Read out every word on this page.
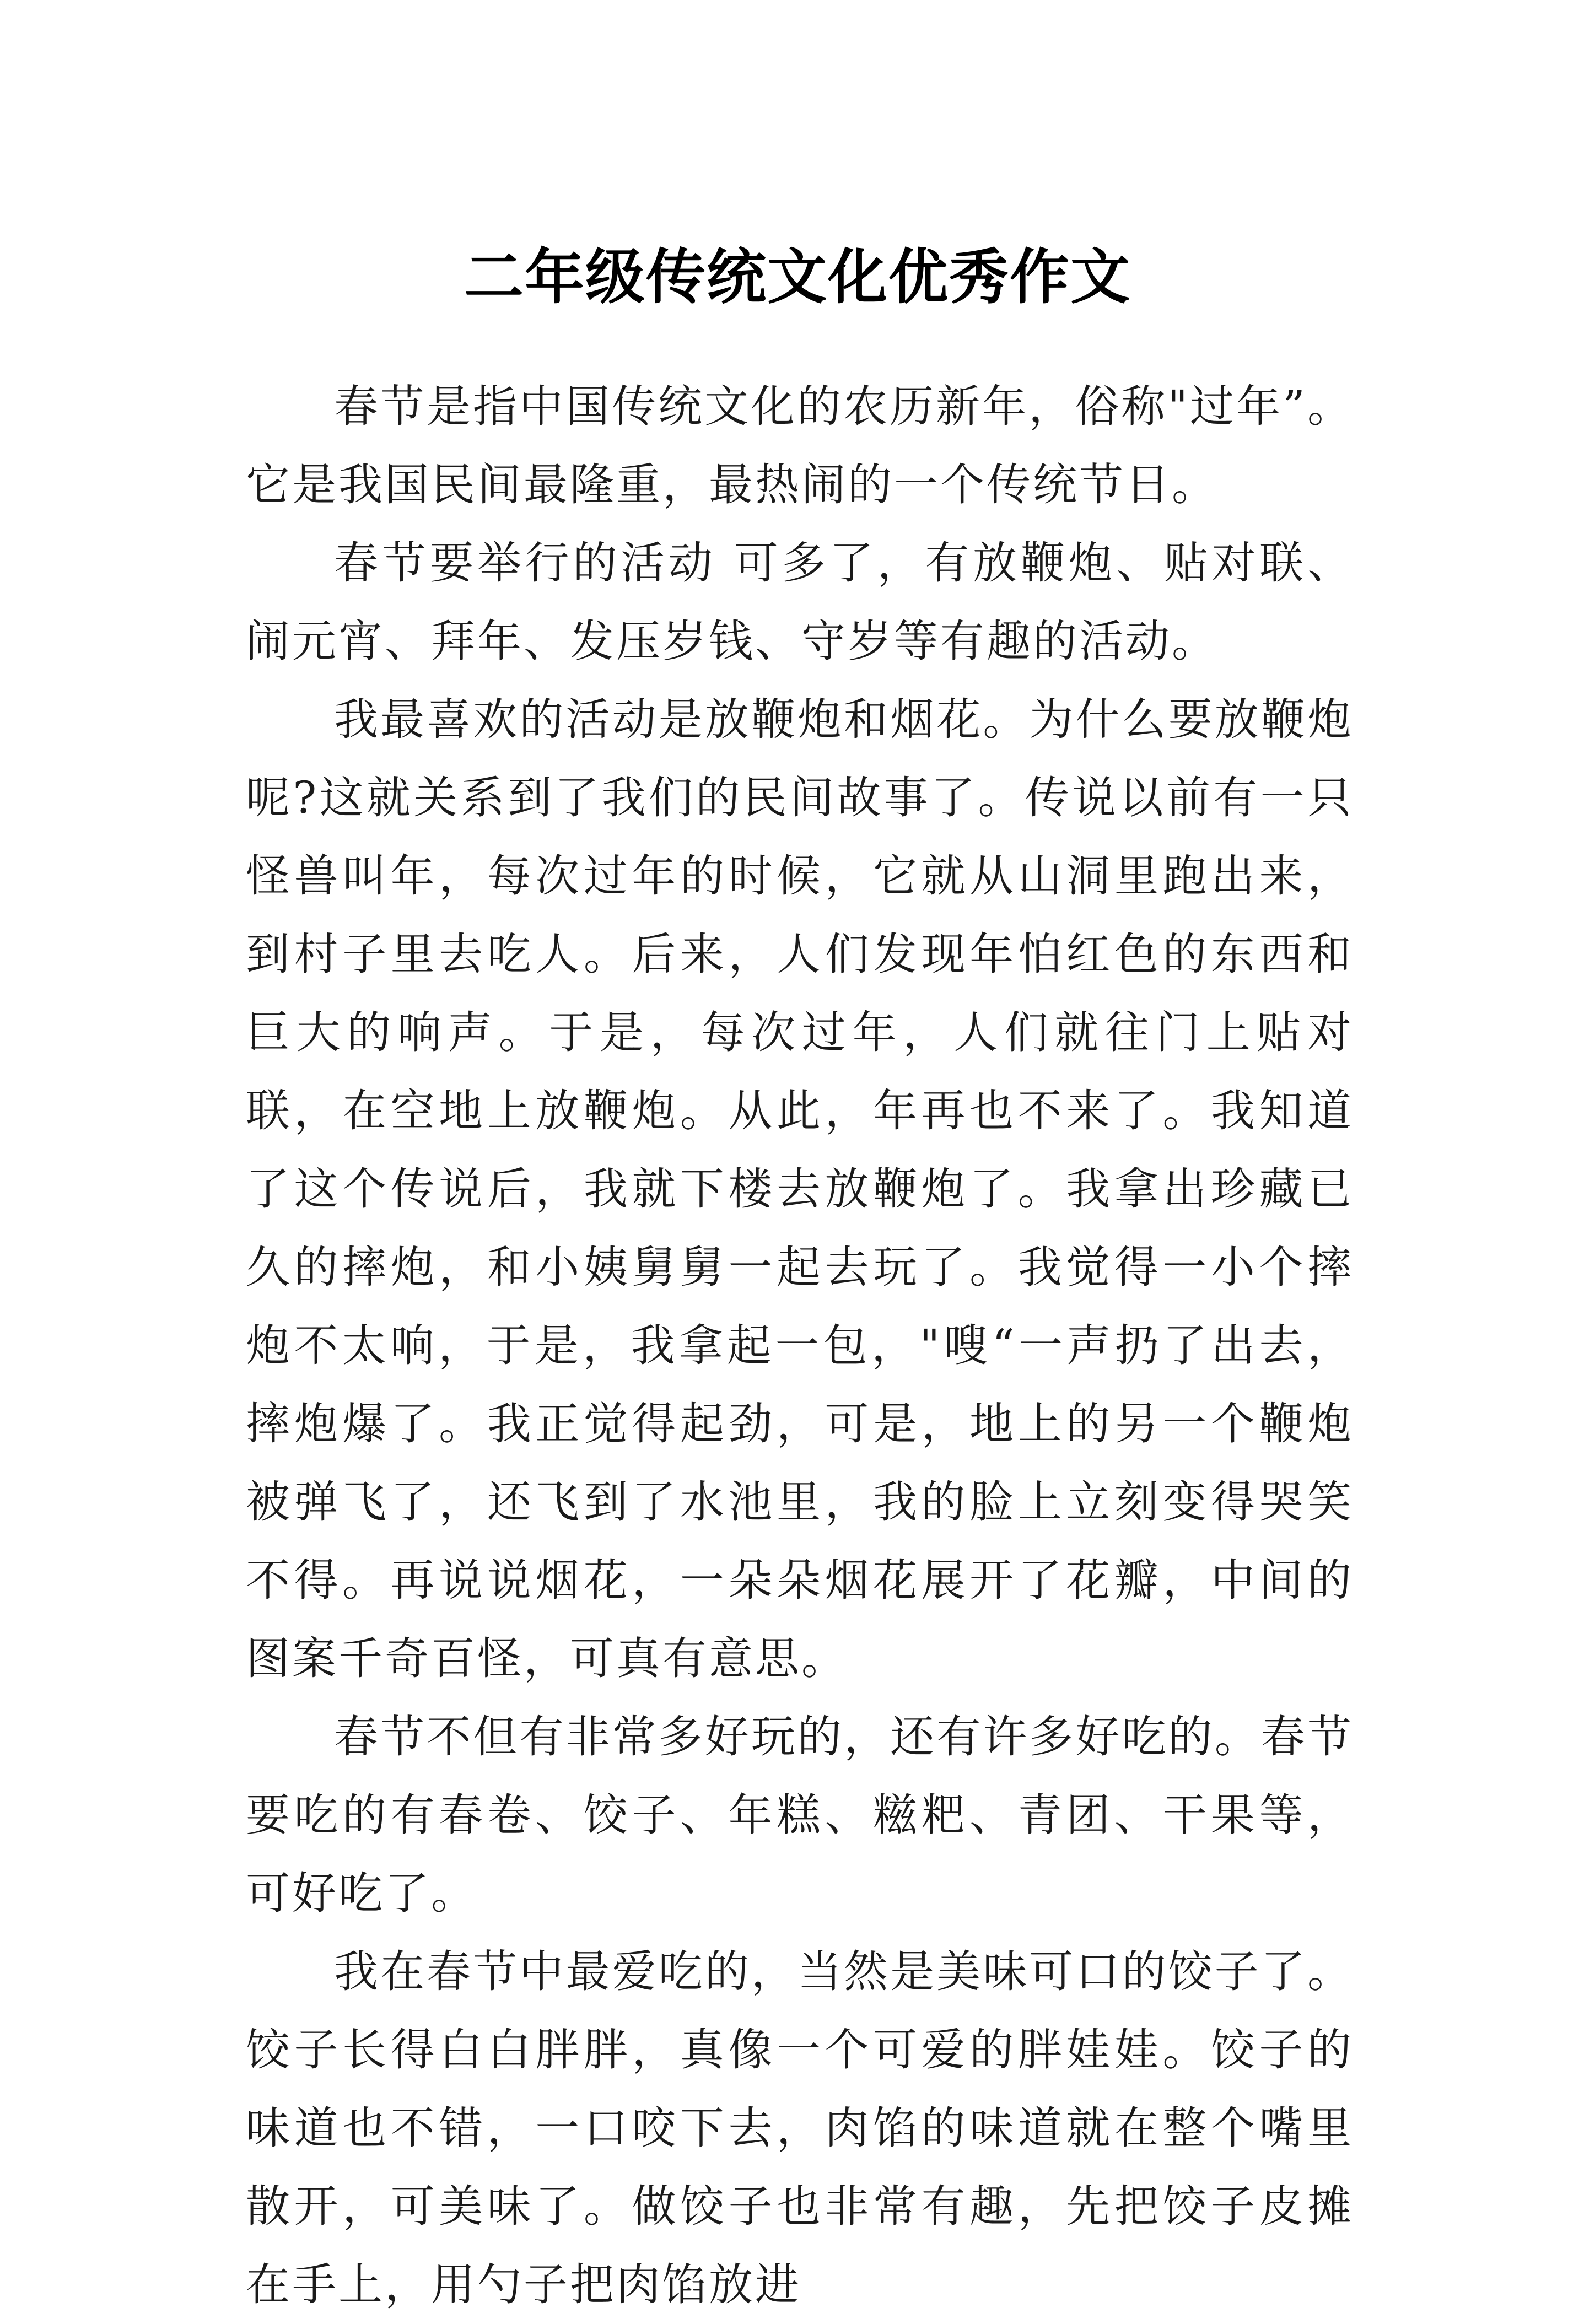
二年级传统文化优秀作文

春节是指中国传统文化的农历新年，俗称"过年”。它是我国民间最隆重，最热闹的一个传统节日。

春节要举行的活动 可多了，有放鞭炮、贴对联、闹元宵、拜年、发压岁钱、守岁等有趣的活动。

我最喜欢的活动是放鞭炮和烟花。为什么要放鞭炮呢?这就关系到了我们的民间故事了。传说以前有一只怪兽叫年，每次过年的时候，它就从山洞里跑出来，到村子里去吃人。后来，人们发现年怕红色的东西和巨大的响声。于是，每次过年，人们就往门上贴对联，在空地上放鞭炮。从此，年再也不来了。我知道了这个传说后，我就下楼去放鞭炮了。我拿出珍藏已久的摔炮，和小姨舅舅一起去玩了。我觉得一小个摔炮不太响，于是，我拿起一包，"嗖“一声扔了出去，摔炮爆了。我正觉得起劲，可是，地上的另一个鞭炮被弹飞了，还飞到了水池里，我的脸上立刻变得哭笑不得。再说说烟花，一朵朵烟花展开了花瓣，中间的图案千奇百怪，可真有意思。

春节不但有非常多好玩的，还有许多好吃的。春节要吃的有春卷、饺子、年糕、糍粑、青团、干果等，可好吃了。

我在春节中最爱吃的，当然是美味可口的饺子了。饺子长得白白胖胖，真像一个可爱的胖娃娃。饺子的味道也不错，一口咬下去，肉馅的味道就在整个嘴里散开，可美味了。做饺子也非常有趣，先把饺子皮摊在手上，用勺子把肉馅放进
